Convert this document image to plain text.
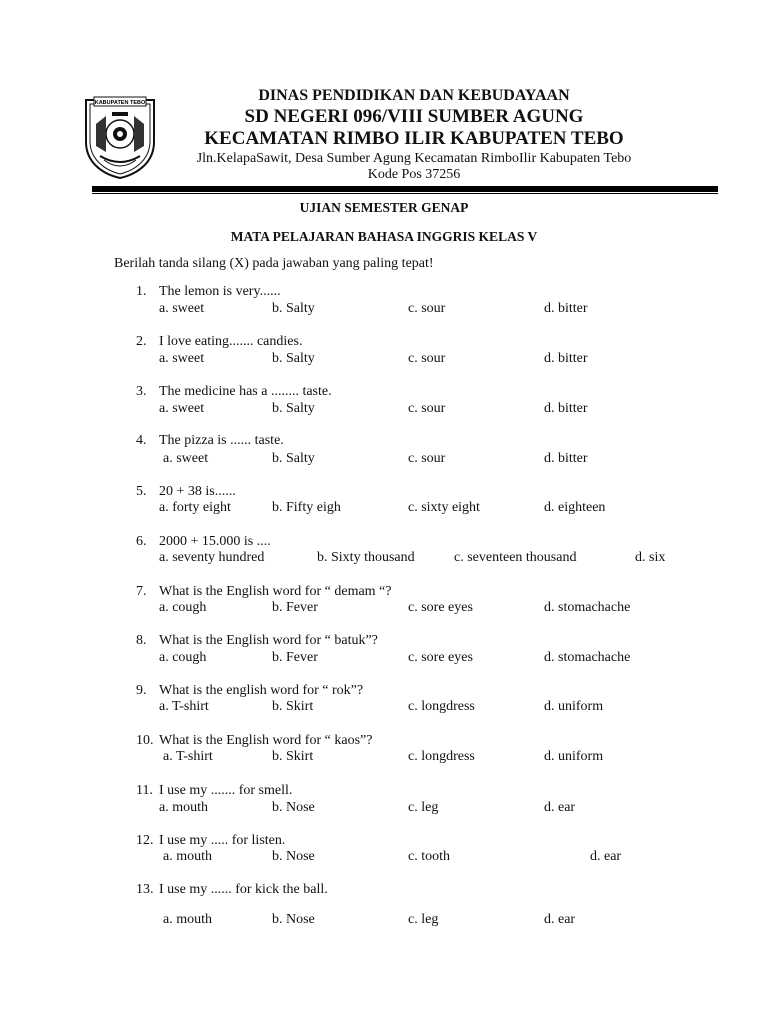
KABUPATEN TEBO	DINAS PENDIDIKAN DAN KEBUDAYAAN
SD NEGERI 096/VIII SUMBER AGUNG
KECAMATAN RIMBO ILIR KABUPATEN TEBO
Jln.KelapaSawit, Desa Sumber Agung Kecamatan RimboIlir Kabupaten Tebo
Kode Pos 37256
UJIAN SEMESTER GENAP
MATA PELAJARAN BAHASA INGGRIS KELAS V
Berilah tanda silang (X) pada jawaban yang paling tepat!
1. The lemon is very......
a. sweet	b. Salty	c. sour	d. bitter
2. I love eating....... candies.
a. sweet	b. Salty	c. sour	d. bitter
3. The medicine has a ........ taste.
a. sweet	b. Salty	c. sour	d. bitter
4. The pizza is ...... taste.
a. sweet	b. Salty	c. sour	d. bitter
5. 20 + 38 is......
a. forty eight	b. Fifty eigh	c. sixty eight	d. eighteen
6. 2000 + 15.000 is ....
a. seventy hundred	b. Sixty thousand	c. seventeen thousand	d. six
7. What is the English word for “ demam “?
a. cough	b. Fever	c. sore eyes	d. stomachache
8. What is the English word for “ batuk”?
a. cough	b. Fever	c. sore eyes	d. stomachache
9. What is the english word for “ rok”?
a. T-shirt	b. Skirt	c. longdress	d. uniform
10. What is the English word for “ kaos”?
a. T-shirt	b. Skirt	c. longdress	d. uniform
11. I use my ....... for smell.
a. mouth	b. Nose	c. leg	d. ear
12. I use my ..... for listen.
a. mouth	b. Nose	c. tooth	d. ear
13. I use my ...... for kick the ball.
a. mouth	b. Nose	c. leg	d. ear
